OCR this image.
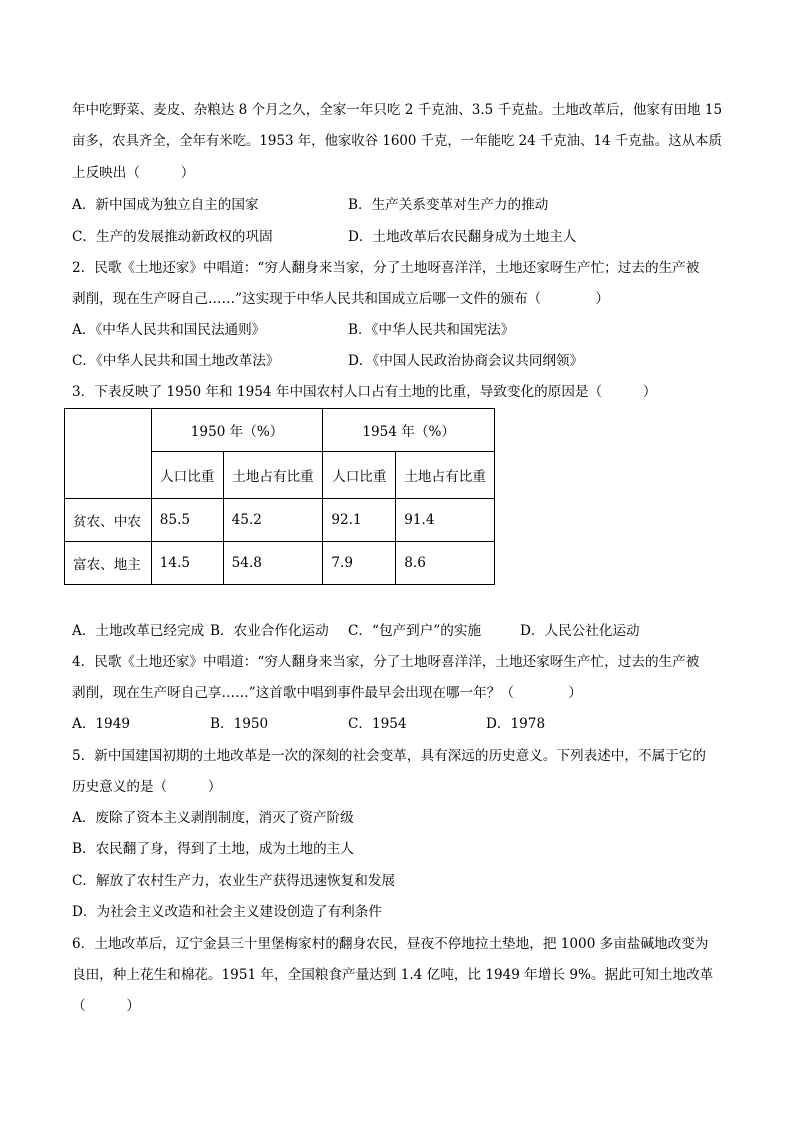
年中吃野菜、麦皮、杂粮达 8 个月之久，全家一年只吃 2 千克油、3.5 千克盐。土地改革后，他家有田地 15
亩多，农具齐全，全年有米吃。1953 年，他家收谷 1600 千克，一年能吃 24 千克油、14 千克盐。这从本质
上反映出（　　　）
A．新中国成为独立自主的国家	B．生产关系变革对生产力的推动
C．生产的发展推动新政权的巩固	D．土地改革后农民翻身成为土地主人
2．民歌《土地还家》中唱道：“穷人翻身来当家，分了土地呀喜洋洋，土地还家呀生产忙；过去的生产被
剥削，现在生产呀自己……”这实现于中华人民共和国成立后哪一文件的颁布（　　　　）
A．《中华人民共和国民法通则》	B．《中华人民共和国宪法》
C．《中华人民共和国土地改革法》	D．《中国人民政治协商会议共同纲领》
3．下表反映了 1950 年和 1954 年中国农村人口占有土地的比重，导致变化的原因是（　　　）
	1950 年（%）		1954 年（%）	
	人口比重	土地占有比重	人口比重	土地占有比重
贫农、中农	85.5	45.2	92.1	91.4
富农、地主	14.5	54.8	7.9	8.6
A．土地改革已经完成 B．农业合作化运动 C．“包产到户”的实施	D．人民公社化运动
4．民歌《土地还家》中唱道：“穷人翻身来当家，分了土地呀喜洋洋，土地还家呀生产忙，过去的生产被
剥削，现在生产呀自己享……”这首歌中唱到事件最早会出现在哪一年？（　　　　）
A．1949	B．1950	C．1954	D．1978
5．新中国建国初期的土地改革是一次的深刻的社会变革，具有深远的历史意义。下列表述中，不属于它的
历史意义的是（　　　）
A．废除了资本主义剥削制度，消灭了资产阶级
B．农民翻了身，得到了土地，成为土地的主人
C．解放了农村生产力，农业生产获得迅速恢复和发展
D．为社会主义改造和社会主义建设创造了有利条件
6．土地改革后，辽宁金县三十里堡梅家村的翻身农民，昼夜不停地拉土垫地，把 1000 多亩盐碱地改变为
良田，种上花生和棉花。1951 年，全国粮食产量达到 1.4 亿吨，比 1949 年增长 9%。据此可知土地改革
（　　　）
